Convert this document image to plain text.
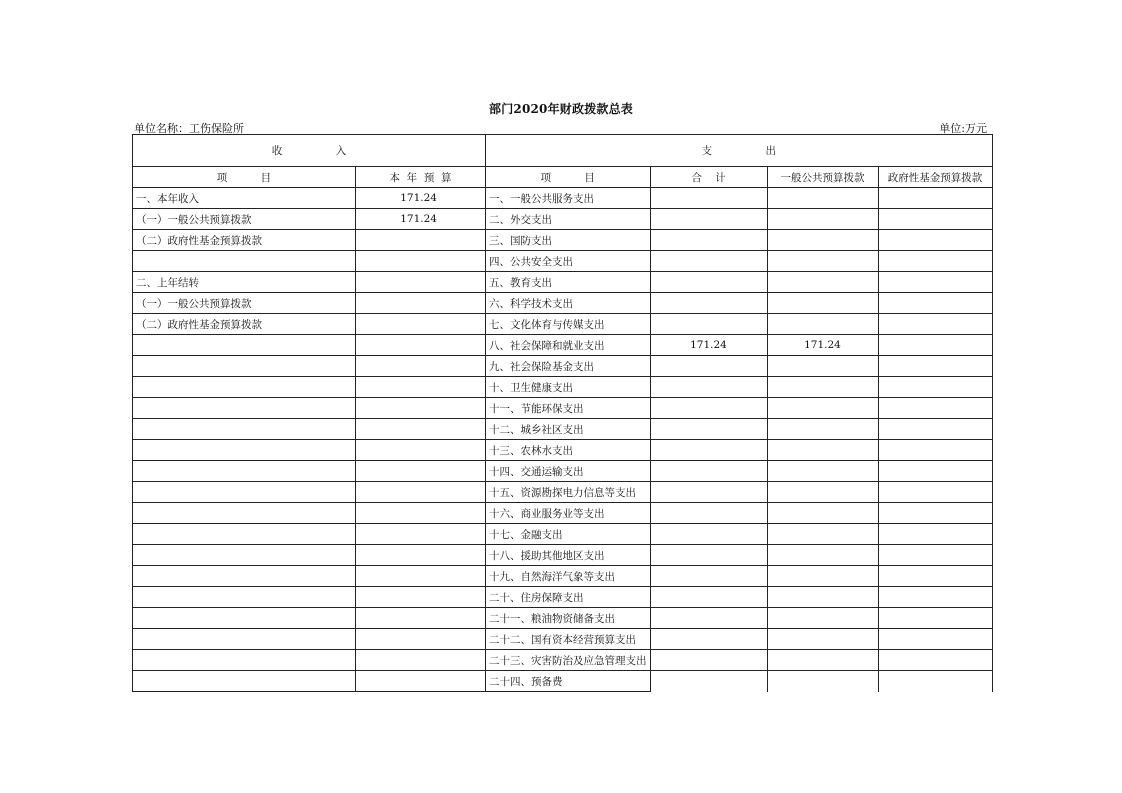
部门2020年财政拨款总表
单位名称：工伤保险所	单位:万元
收                入		支                出			
项          目	本  年  预  算	项          目	合    计	一般公共预算拨款	政府性基金预算拨款
一、本年收入	171.24	一、一般公共服务支出			
（一）一般公共预算拨款	171.24	二、外交支出			
（二）政府性基金预算拨款		三、国防支出			
		四、公共安全支出			
二、上年结转		五、教育支出			
（一）一般公共预算拨款		六、科学技术支出			
（二）政府性基金预算拨款		七、文化体育与传媒支出			
		八、社会保障和就业支出	171.24	171.24	
		九、社会保险基金支出			
		十、卫生健康支出			
		十一、节能环保支出			
		十二、城乡社区支出			
		十三、农林水支出			
		十四、交通运输支出			
		十五、资源勘探电力信息等支出			
		十六、商业服务业等支出			
		十七、金融支出			
		十八、援助其他地区支出			
		十九、自然海洋气象等支出			
		二十、住房保障支出			
		二十一、粮油物资储备支出			
		二十二、国有资本经营预算支出			
		二十三、灾害防治及应急管理支出			
		二十四、预备费			
